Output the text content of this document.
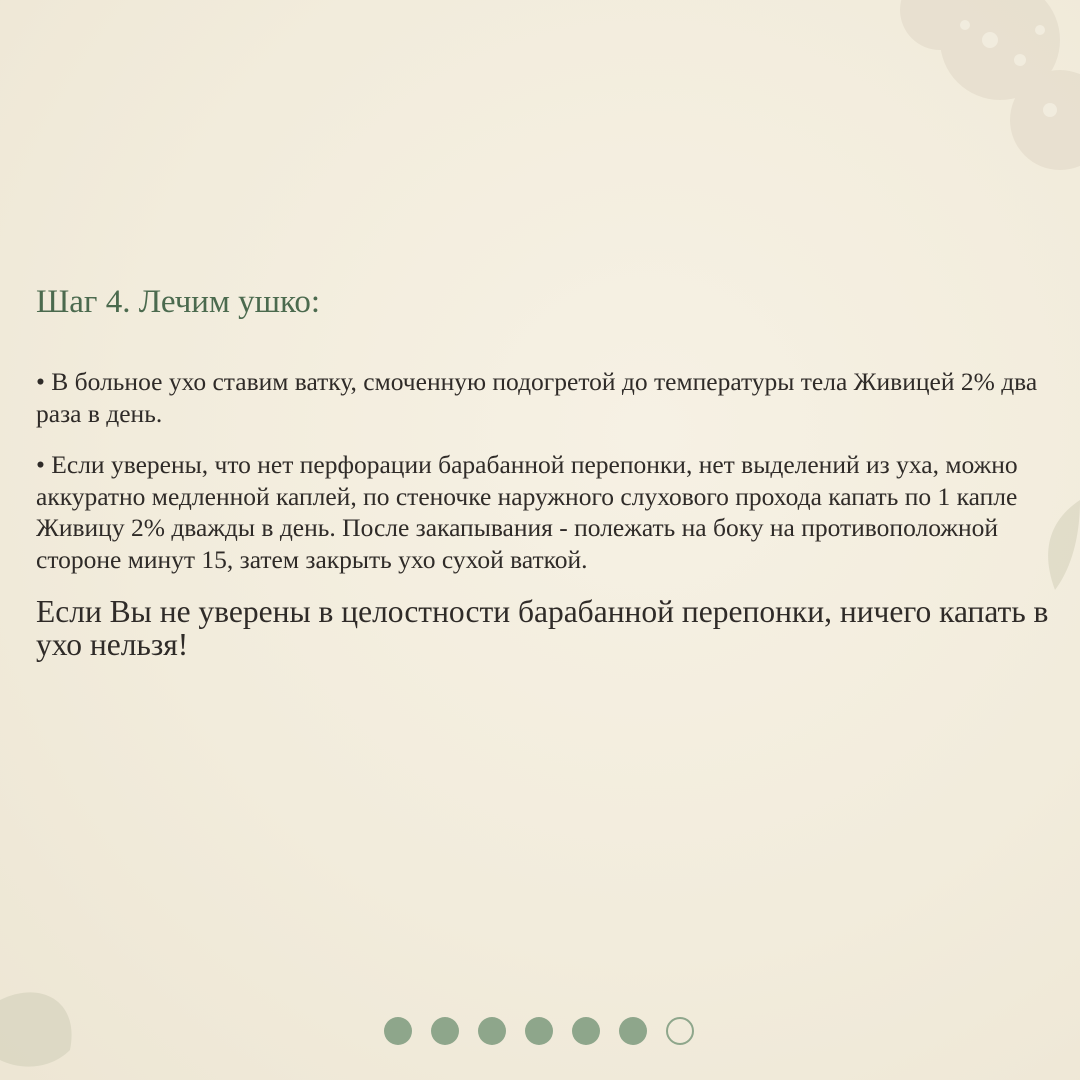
Шаг 4. Лечим ушко:

• В больное ухо ставим ватку, смоченную подогретой до температуры тела Живицей 2% два раза в день.

• Если уверены, что нет перфорации барабанной перепонки, нет выделений из уха, можно аккуратно медленной каплей, по стеночке наружного слухового прохода капать по 1 капле Живицу 2% дважды в день. После закапывания - полежать на боку на противоположной стороне минут 15, затем закрыть ухо сухой ваткой.

Если Вы не уверены в целостности барабанной перепонки, ничего капать в ухо нельзя!
